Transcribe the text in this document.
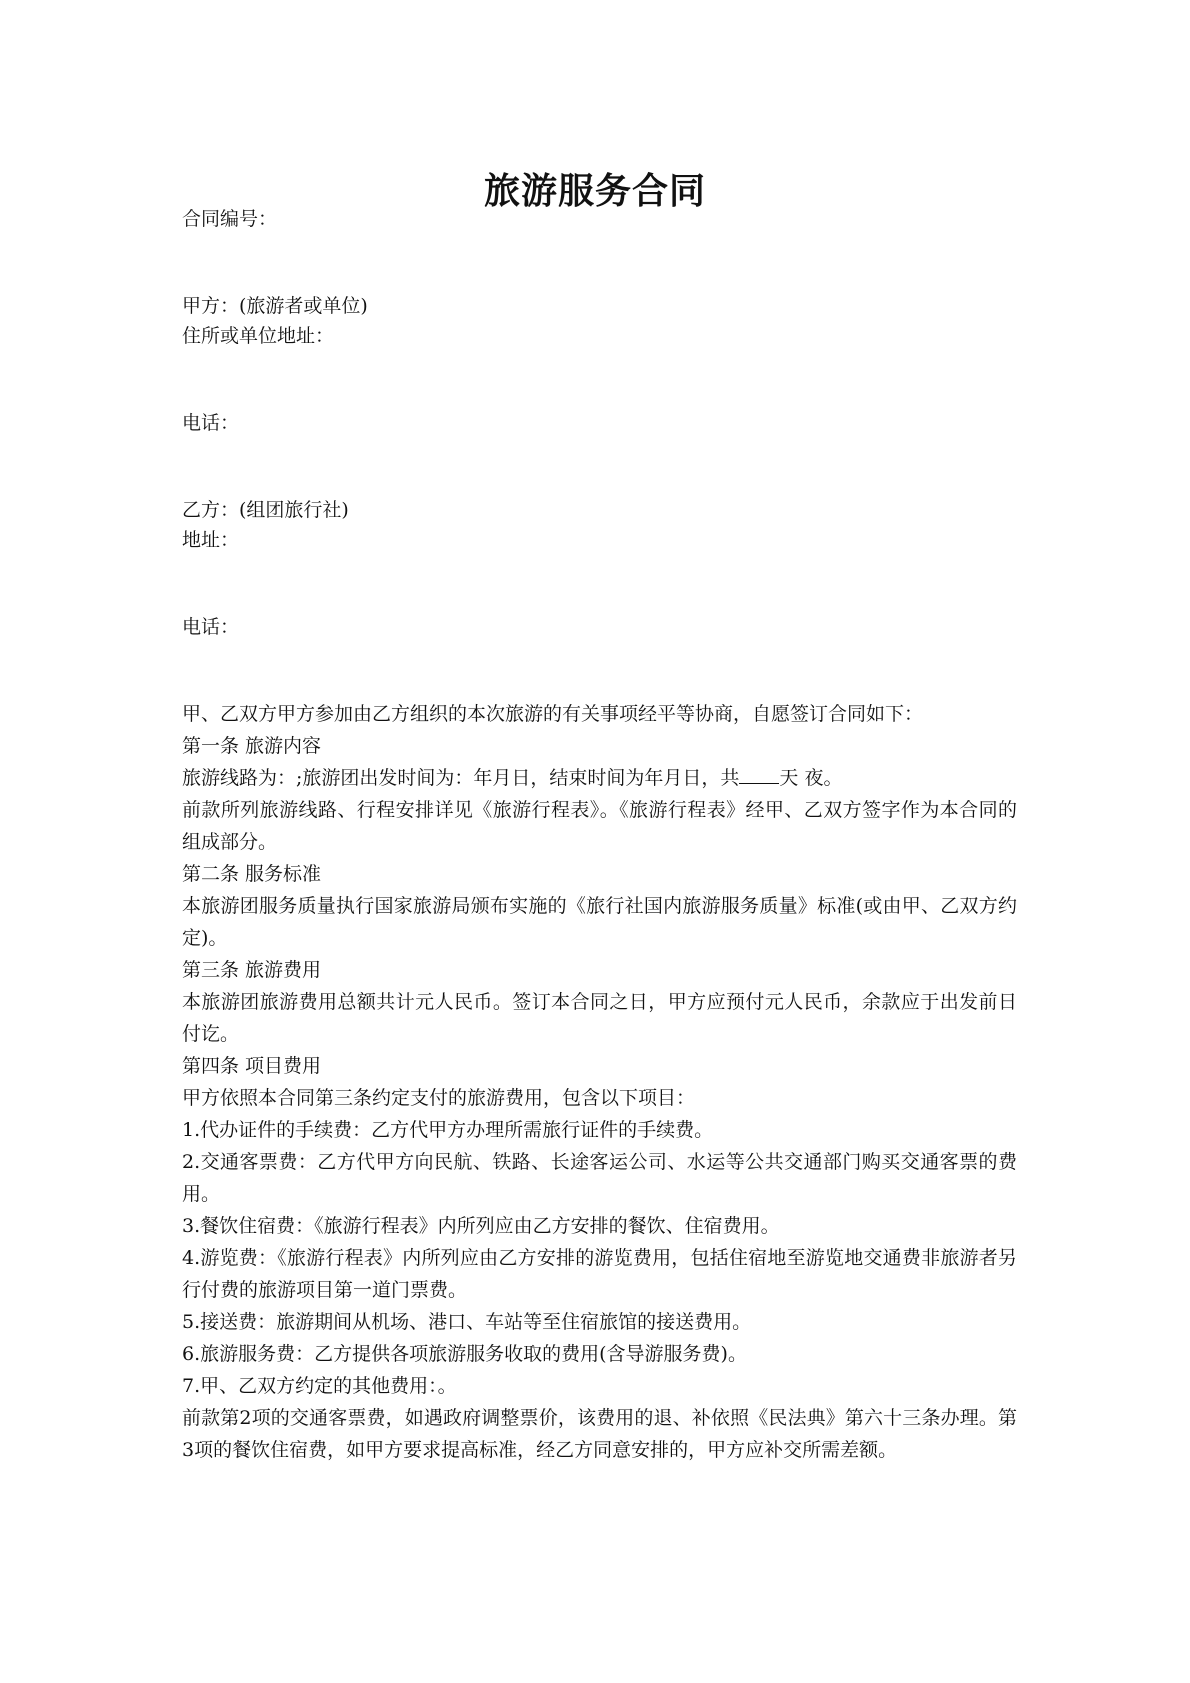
旅游服务合同
合同编号：
甲方：(旅游者或单位)
住所或单位地址：
电话：
乙方：(组团旅行社)
地址：
电话：
甲、乙双方甲方参加由乙方组织的本次旅游的有关事项经平等协商，自愿签订合同如下：
第一条 旅游内容
旅游线路为：;旅游团出发时间为：年月日，结束时间为年月日，共 天 夜。
前款所列旅游线路、行程安排详见《旅游行程表》。《旅游行程表》经甲、乙双方签字作为本合同的组成部分。
第二条 服务标准
本旅游团服务质量执行国家旅游局颁布实施的《旅行社国内旅游服务质量》标准(或由甲、乙双方约定)。
第三条 旅游费用
本旅游团旅游费用总额共计元人民币。签订本合同之日，甲方应预付元人民币，余款应于出发前日付讫。
第四条 项目费用
甲方依照本合同第三条约定支付的旅游费用，包含以下项目：
1.代办证件的手续费：乙方代甲方办理所需旅行证件的手续费。
2.交通客票费：乙方代甲方向民航、铁路、长途客运公司、水运等公共交通部门购买交通客票的费用。
3.餐饮住宿费：《旅游行程表》内所列应由乙方安排的餐饮、住宿费用。
4.游览费：《旅游行程表》内所列应由乙方安排的游览费用，包括住宿地至游览地交通费非旅游者另行付费的旅游项目第一道门票费。
5.接送费：旅游期间从机场、港口、车站等至住宿旅馆的接送费用。
6.旅游服务费：乙方提供各项旅游服务收取的费用(含导游服务费)。
7.甲、乙双方约定的其他费用：。
前款第2项的交通客票费，如遇政府调整票价，该费用的退、补依照《民法典》第六十三条办理。第3项的餐饮住宿费，如甲方要求提高标准，经乙方同意安排的，甲方应补交所需差额。
